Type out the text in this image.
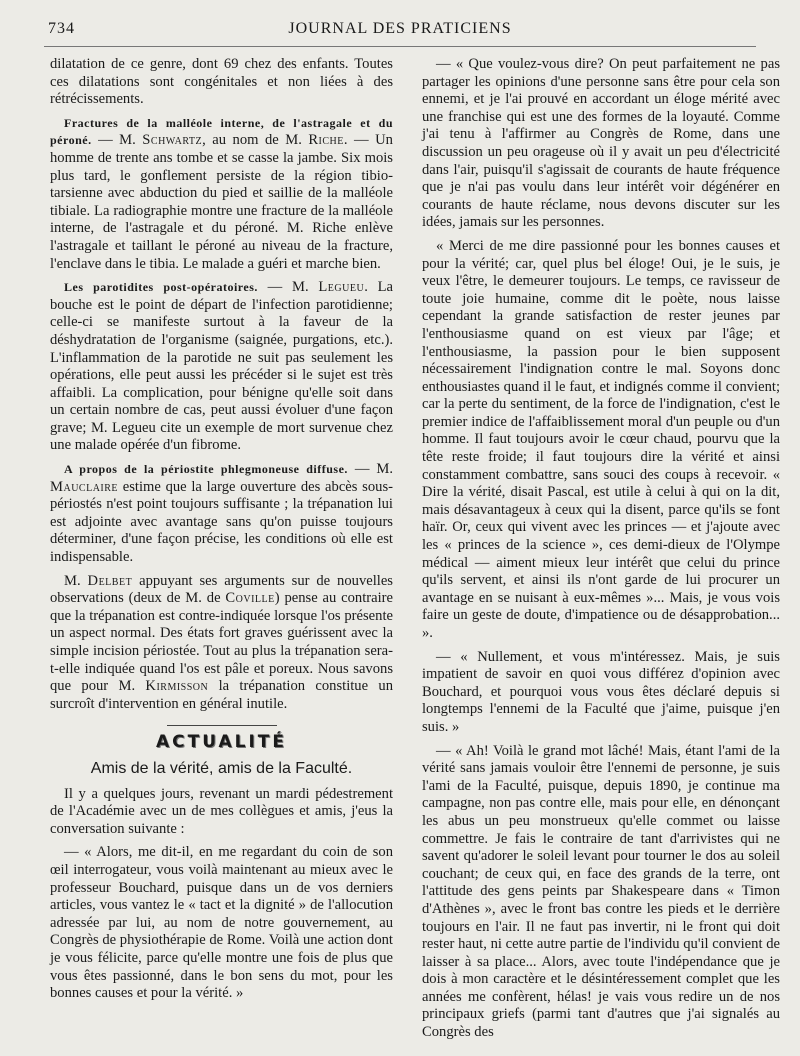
734	JOURNAL DES PRATICIENS

dilatation de ce genre, dont 69 chez des enfants. Toutes ces dilatations sont congénitales et non liées à des rétrécissements.

Fractures de la malléole interne, de l'astragale et du péroné. — M. Schwartz, au nom de M. Riche. — Un homme de trente ans tombe et se casse la jambe. Six mois plus tard, le gonflement persiste de la région tibio-tarsienne avec abduction du pied et saillie de la malléole tibiale. La radiographie montre une fracture de la malléole interne, de l'astragale et du péroné. M. Riche enlève l'astragale et taillant le péroné au niveau de la fracture, l'enclave dans le tibia. Le malade a guéri et marche bien.

Les parotidites post-opératoires. — M. Legueu. La bouche est le point de départ de l'infection parotidienne; celle-ci se manifeste surtout à la faveur de la déshydratation de l'organisme (saignée, purgations, etc.). L'inflammation de la parotide ne suit pas seulement les opérations, elle peut aussi les précéder si le sujet est très affaibli. La complication, pour bénigne qu'elle soit dans un certain nombre de cas, peut aussi évoluer d'une façon grave; M. Legueu cite un exemple de mort survenue chez une malade opérée d'un fibrome.

A propos de la périostite phlegmoneuse diffuse. — M. Mauclaire estime que la large ouverture des abcès sous-périostés n'est point toujours suffisante ; la trépanation lui est adjointe avec avantage sans qu'on puisse toujours déterminer, d'une façon précise, les conditions où elle est indispensable.

M. Delbet appuyant ses arguments sur de nouvelles observations (deux de M. de Coville) pense au contraire que la trépanation est contre-indiquée lorsque l'os présente un aspect normal. Des états fort graves guérissent avec la simple incision périostée. Tout au plus la trépanation sera-t-elle indiquée quand l'os est pâle et poreux. Nous savons que pour M. Kirmisson la trépanation constitue un surcroît d'intervention en général inutile.

ACTUALITÉ
Amis de la vérité, amis de la Faculté.

Il y a quelques jours, revenant un mardi pédestrement de l'Académie avec un de mes collègues et amis, j'eus la conversation suivante :

— « Alors, me dit-il, en me regardant du coin de son œil interrogateur, vous voilà maintenant au mieux avec le professeur Bouchard, puisque dans un de vos derniers articles, vous vantez le « tact et la dignité » de l'allocution adressée par lui, au nom de notre gouvernement, au Congrès de physiothérapie de Rome. Voilà une action dont je vous félicite, parce qu'elle montre une fois de plus que vous êtes passionné, dans le bon sens du mot, pour les bonnes causes et pour la vérité. »

— « Que voulez-vous dire? On peut parfaitement ne pas partager les opinions d'une personne sans être pour cela son ennemi, et je l'ai prouvé en accordant un éloge mérité avec une franchise qui est une des formes de la loyauté. Comme j'ai tenu à l'affirmer au Congrès de Rome, dans une discussion un peu orageuse où il y avait un peu d'électricité dans l'air, puisqu'il s'agissait de courants de haute fréquence que je n'ai pas voulu dans leur intérêt voir dégénérer en courants de haute réclame, nous devons discuter sur les idées, jamais sur les personnes.

« Merci de me dire passionné pour les bonnes causes et pour la vérité; car, quel plus bel éloge! Oui, je le suis, je veux l'être, le demeurer toujours. Le temps, ce ravisseur de toute joie humaine, comme dit le poète, nous laisse cependant la grande satisfaction de rester jeunes par l'enthousiasme quand on est vieux par l'âge; et l'enthousiasme, la passion pour le bien supposent nécessairement l'indignation contre le mal. Soyons donc enthousiastes quand il le faut, et indignés comme il convient; car la perte du sentiment, de la force de l'indignation, c'est le premier indice de l'affaiblissement moral d'un peuple ou d'un homme. Il faut toujours avoir le cœur chaud, pourvu que la tête reste froide; il faut toujours dire la vérité et ainsi constamment combattre, sans souci des coups à recevoir. « Dire la vérité, disait Pascal, est utile à celui à qui on la dit, mais désavantageux à ceux qui la disent, parce qu'ils se font haïr. Or, ceux qui vivent avec les princes — et j'ajoute avec les « princes de la science », ces demi-dieux de l'Olympe médical — aiment mieux leur intérêt que celui du prince qu'ils servent, et ainsi ils n'ont garde de lui procurer un avantage en se nuisant à eux-mêmes »... Mais, je vous vois faire un geste de doute, d'impatience ou de désapprobation... ».

— « Nullement, et vous m'intéressez. Mais, je suis impatient de savoir en quoi vous différez d'opinion avec Bouchard, et pourquoi vous vous êtes déclaré depuis si longtemps l'ennemi de la Faculté que j'aime, puisque j'en suis. »

— « Ah! Voilà le grand mot lâché! Mais, étant l'ami de la vérité sans jamais vouloir être l'ennemi de personne, je suis l'ami de la Faculté, puisque, depuis 1890, je continue ma campagne, non pas contre elle, mais pour elle, en dénonçant les abus un peu monstrueux qu'elle commet ou laisse commettre. Je fais le contraire de tant d'arrivistes qui ne savent qu'adorer le soleil levant pour tourner le dos au soleil couchant; de ceux qui, en face des grands de la terre, ont l'attitude des gens peints par Shakespeare dans « Timon d'Athènes », avec le front bas contre les pieds et le derrière toujours en l'air. Il ne faut pas invertir, ni le front qui doit rester haut, ni cette autre partie de l'individu qu'il convient de laisser à sa place... Alors, avec toute l'indépendance que je dois à mon caractère et le désintéressement complet que les années me confèrent, hélas! je vais vous redire un de nos principaux griefs (parmi tant d'autres que j'ai signalés au Congrès des
